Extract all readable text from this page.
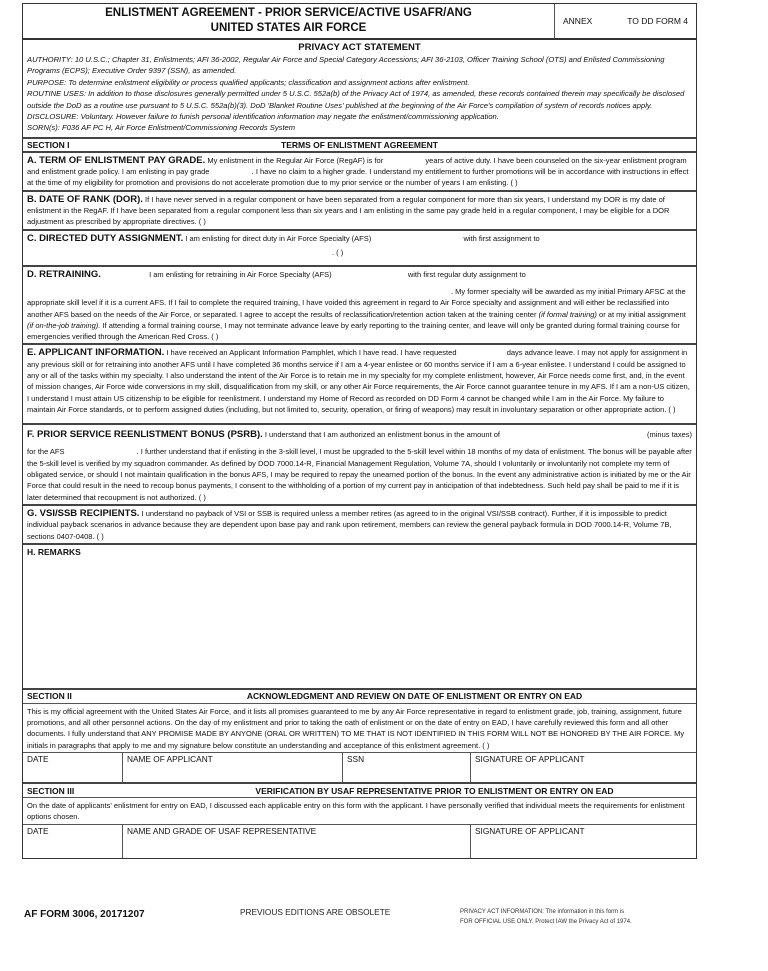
ENLISTMENT AGREEMENT - PRIOR SERVICE/ACTIVE USAFR/ANG
UNITED STATES AIR FORCE
ANNEX	TO DD FORM 4
PRIVACY ACT STATEMENT
AUTHORITY: 10 U.S.C.; Chapter 31, Enlistments; AFI 36-2002, Regular Air Force and Special Category Accessions; AFI 36-2103, Officer Training School (OTS) and Enlisted Commissioning Programs (ECPS); Executive Order 9397 (SSN), as amended.
PURPOSE: To determine enlistment eligibility or process qualified applicants; classification and assignment actions after enlistment.
ROUTINE USES: In addition to those disclosures generally permitted under 5 U.S.C. 552a(b) of the Privacy Act of 1974, as amended, these records contained therein may specifically be disclosed outside the DoD as a routine use pursuant to 5 U.S.C. 552a(b)(3). DoD 'Blanket Routine Uses' published at the beginning of the Air Force's compilation of system of records notices apply.
DISCLOSURE: Voluntary. However failure to funish personal identification information may negate the enlistment/commissioning application.
SORN(s): F036 AF PC H, Air Force Enlistment/Commissioning Records System
SECTION I	TERMS OF ENLISTMENT AGREEMENT
A. TERM OF ENLISTMENT PAY GRADE. My enlistment in the Regular Air Force (RegAF) is for	years of active duty. I have been counseled on the six-year enlistment program and enlistment grade policy. I am enlisting in pay grade	. I have no claim to a higher grade. I understand my entitlement to further promotions will be in accordance with instructions in effect at the time of my eligibility for promotion and provisions do not accelerate promotion due to my prior service or the number of years I am enlisting. ( )
B. DATE OF RANK (DOR). If I have never served in a regular component or have been separated from a regular component for more than six years, I understand my DOR is my date of enlistment in the RegAF. If I have been separated from a regular component less than six years and I am enlisting in the same pay grade held in a regular component, I may be eligible for a DOR adjustment as prescribed by appropriate directives. ( )
C. DIRECTED DUTY ASSIGNMENT. I am enlisting for direct duty in Air Force Specialty (AFS)	with first assignment to
. ( )
D. RETRAINING.	I am enlisting for retraining in Air Force Specialty (AFS)	with first regular duty assignment to
. My former specialty will be awarded as my initial Primary AFSC at the appropriate skill level if it is a current AFS. If I fail to complete the required training, I have voided this agreement in regard to Air Force specialty and assignment and will either be reclassified into another AFS based on the needs of the Air Force, or separated. I agree to accept the results of reclassification/retention action taken at the training center (if formal training) or at my initial assignment (if on-the-job training). If attending a formal training course, I may not terminate advance leave by early reporting to the training center, and leave will only be granted during formal training course for emergencies verified through the American Red Cross. ( )
E. APPLICANT INFORMATION. I have received an Applicant Information Pamphlet, which I have read. I have requested	days advance leave. I may not apply for assignment in any previous skill or for retraining into another AFS until I have completed 36 months service if I am a 4-year enlistee or 60 months service if I am a 6-year enlistee. I understand I could be assigned to any or all of the tasks within my specialty. I also understand the intent of the Air Force is to retain me in my specialty for my complete enlistment, however, Air Force needs come first, and, in the event of mission changes, Air Force wide conversions in my skill, disqualification from my skill, or any other Air Force requirements, the Air Force cannot guarantee tenure in my AFS. If I am a non-US citizen, I understand I must attain US citizenship to be eligible for reenlistment. I understand my Home of Record as recorded on DD Form 4 cannot be changed while I am in the Air Force. My failure to maintain Air Force standards, or to perform assigned duties (including, but not limited to, security, operation, or firing of weapons) may result in involuntary separation or other appropriate action. ( )
F. PRIOR SERVICE REENLISTMENT BONUS (PSRB). I understand that I am authorized an enlistment bonus in the amount of	(minus taxes)
for the AFS	. I further understand that if enlisting in the 3-skill level, I must be upgraded to the 5-skill level within 18 months of my data of enlistment. The bonus will be payable after the 5-skill level is verified by my squadron commander. As defined by DOD 7000.14-R, Financial Management Regulation, Volume 7A, should I voluntarily or involuntarily not complete my term of obligated service, or should I not maintain qualification in the bonus AFS, I may be required to repay the unearned portion of the bonus. In the event any administrative action is initiated by me or the Air Force that could result in the need to recoup bonus payments, I consent to the withholding of a portion of my current pay in anticipation of that indebtedness. Such held pay shall be paid to me if it is later determined that recoupment is not authorized. ( )
G. VSI/SSB RECIPIENTS. I understand no payback of VSI or SSB is required unless a member retires (as agreed to in the original VSI/SSB contract). Further, if it is impossible to predict individual payback scenarios in advance because they are dependent upon base pay and rank upon retirement, members can review the general payback formula in DOD 7000.14-R, Volume 7B, sections 0407-0408. ( )
H. REMARKS
SECTION II	ACKNOWLEDGMENT AND REVIEW ON DATE OF ENLISTMENT OR ENTRY ON EAD
This is my official agreement with the United States Air Force, and it lists all promises guaranteed to me by any Air Force representative in regard to enlistment grade, job, training, assignment, future promotions, and all other personnel actions. On the day of my enlistment and prior to taking the oath of enlistment or on the date of entry on EAD, I have carefully reviewed this form and all other documents. I fully understand that ANY PROMISE MADE BY ANYONE (ORAL OR WRITTEN) TO ME THAT IS NOT IDENTIFIED IN THIS FORM WILL NOT BE HONORED BY THE AIR FORCE. My initials in paragraphs that apply to me and my signature below constitute an understanding and acceptance of this enlistment agreement. ( )
DATE	NAME OF APPLICANT	SSN	SIGNATURE OF APPLICANT
SECTION III	VERIFICATION BY USAF REPRESENTATIVE PRIOR TO ENLISTMENT OR ENTRY ON EAD
On the date of applicants' enlistment for entry on EAD, I discussed each applicable entry on this form with the applicant. I have personally verified that individual meets the requirements for enlistment options chosen.
DATE	NAME AND GRADE OF USAF REPRESENTATIVE	SIGNATURE OF APPLICANT
AF FORM 3006, 20171207	PREVIOUS EDITIONS ARE OBSOLETE	PRIVACY ACT INFORMATION: The information in this form is
FOR OFFICIAL USE ONLY. Protect IAW the Privacy Act of 1974.
